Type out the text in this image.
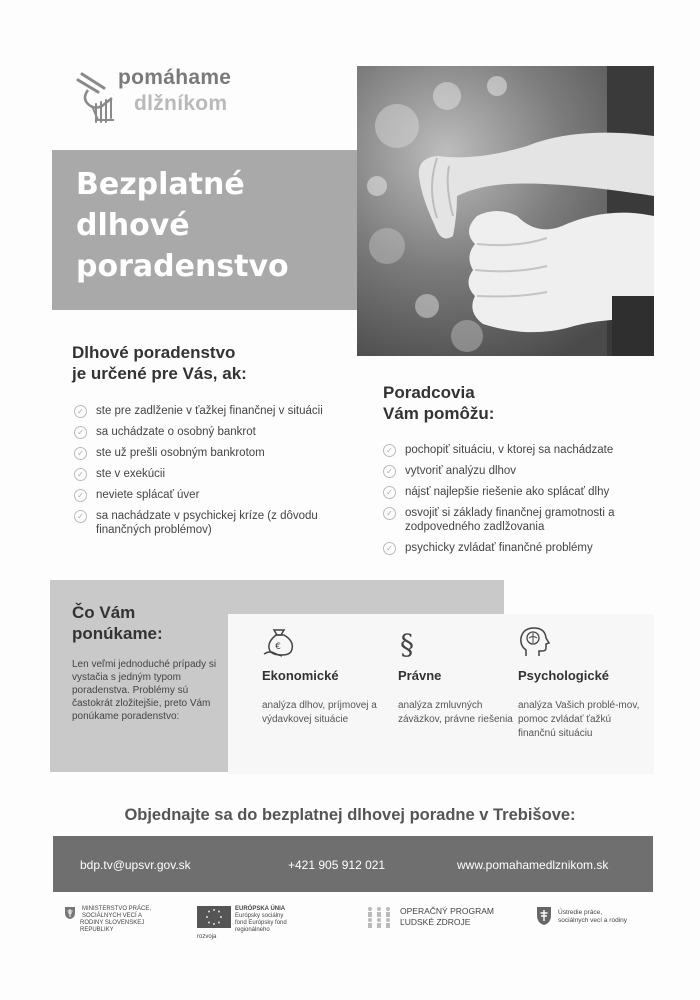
pomáhame
dlžníkom
Bezplatné
dlhové
poradenstvo
Dlhové poradenstvo
je určené pre Vás, ak:
✓ ste pre zadlženie v ťažkej finančnej v situácii
✓ sa uchádzate o osobný bankrot
✓ ste už prešli osobným bankrotom
✓ ste v exekúcii
✓ neviete splácať úver
✓ sa nachádzate v psychickej kríze (z dôvodu finančných problémov)
Poradcovia
Vám pomôžu:
✓ pochopiť situáciu, v ktorej sa nachádzate
✓ vytvoriť analýzu dlhov
✓ nájsť najlepšie riešenie ako splácať dlhy
✓ osvojiť si základy finančnej gramotnosti a zodpovedného zadlžovania
✓ psychicky zvládať finančné problémy
Čo Vám
ponúkame:
Len veľmi jednoduché prípady si vystačia s jedným typom poradenstva. Problémy sú častokrát zložitejšie, preto Vám ponúkame poradenstvo:
€
Ekonomické
analýza dlhov, príjmovej a výdavkovej situácie
§
Právne
analýza zmluvných záväzkov, právne riešenia
Psychologické
analýza Vašich problé-mov, pomoc zvládať ťažkú finančnú situáciu
Objednajte sa do bezplatnej dlhovej poradne v Trebišove:
bdp.tv@upsvr.gov.sk	+421 905 912 021	www.pomahamedlznikom.sk
MINISTERSTVO PRÁCE, SOCIÁLNYCH VECÍ A RODINY SLOVENSKEJ REPUBLIKY
EURÓPSKA ÚNIA
Európsky sociálny fond Európsky fond regionálneho rozvoja
OPERAČNÝ PROGRAM
ĽUDSKÉ ZDROJE
Ústredie práce, sociálnych vecí a rodiny
